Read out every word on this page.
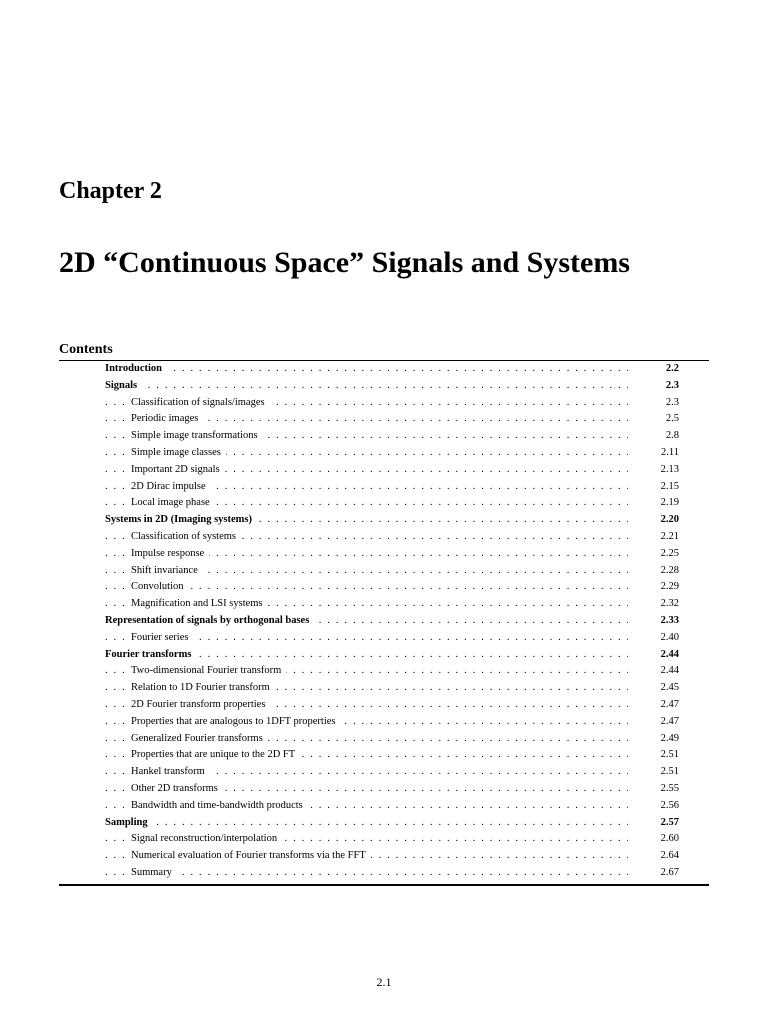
Chapter 2
2D “Continuous Space” Signals and Systems
Contents
. . .
Introduction	2.2
. . .
Signals	2.3
. . .
Classification of signals/images	2.3
. . .
Periodic images	2.5
. . .
Simple image transformations	2.8
. . .
Simple image classes	2.11
. . .
Important 2D signals	2.13
. . .
2D Dirac impulse	2.15
. . .
Local image phase	2.19
. . .
Systems in 2D (Imaging systems)	2.20
. . .
Classification of systems	2.21
. . .
Impulse response	2.25
. . .
Shift invariance	2.28
. . .
Convolution	2.29
. . .
Magnification and LSI systems	2.32
. . .
Representation of signals by orthogonal bases	2.33
. . .
Fourier series	2.40
. . .
Fourier transforms	2.44
. . .
Two-dimensional Fourier transform	2.44
. . .
Relation to 1D Fourier transform	2.45
. . .
2D Fourier transform properties	2.47
. . .
Properties that are analogous to 1DFT properties	2.47
. . .
Generalized Fourier transforms	2.49
. . .
Properties that are unique to the 2D FT	2.51
. . .
Hankel transform	2.51
. . .
Other 2D transforms	2.55
. . .
Bandwidth and time-bandwidth products	2.56
. . .
Sampling	2.57
. . .
Signal reconstruction/interpolation	2.60
. . .
Numerical evaluation of Fourier transforms via the FFT	2.64
. . .
Summary	2.67
2.1
